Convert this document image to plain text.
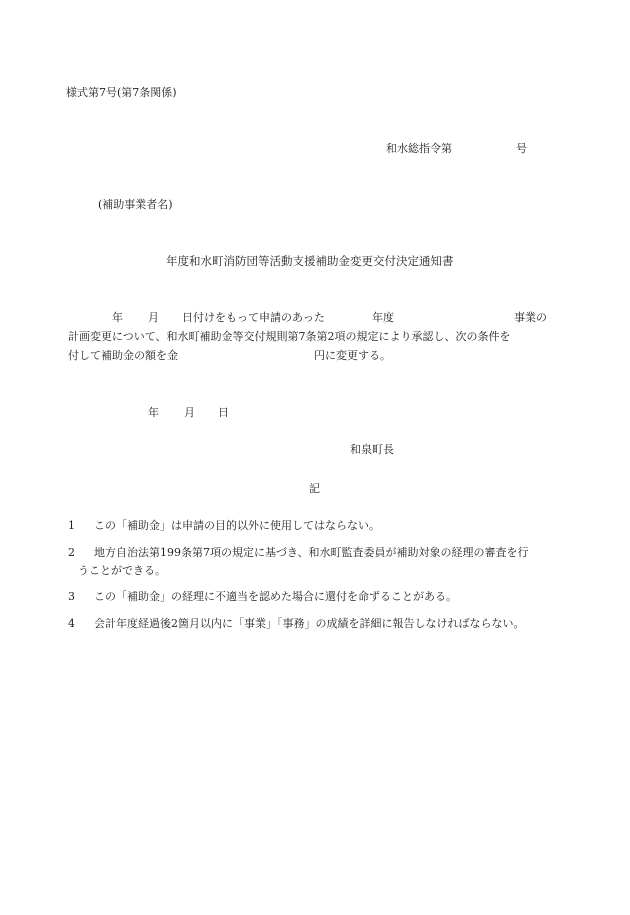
様式第7号(第7条関係)
和水総指令第	号
(補助事業者名)
年度和水町消防団等活動支援補助金変更交付決定通知書
年 月 日付けをもって申請のあった	年度	事業の
計画変更について、和水町補助金等交付規則第7条第2項の規定により承認し、次の条件を
付して補助金の額を金	円に変更する。
年 月 日
和泉町長
記
1 この「補助金」は申請の目的以外に使用してはならない。
2 地方自治法第199条第7項の規定に基づき、和水町監査委員が補助対象の経理の審査を行
うことができる。
3 この「補助金」の経理に不適当を認めた場合に還付を命ずることがある。
4 会計年度経過後2箇月以内に「事業」「事務」の成績を詳細に報告しなければならない。
